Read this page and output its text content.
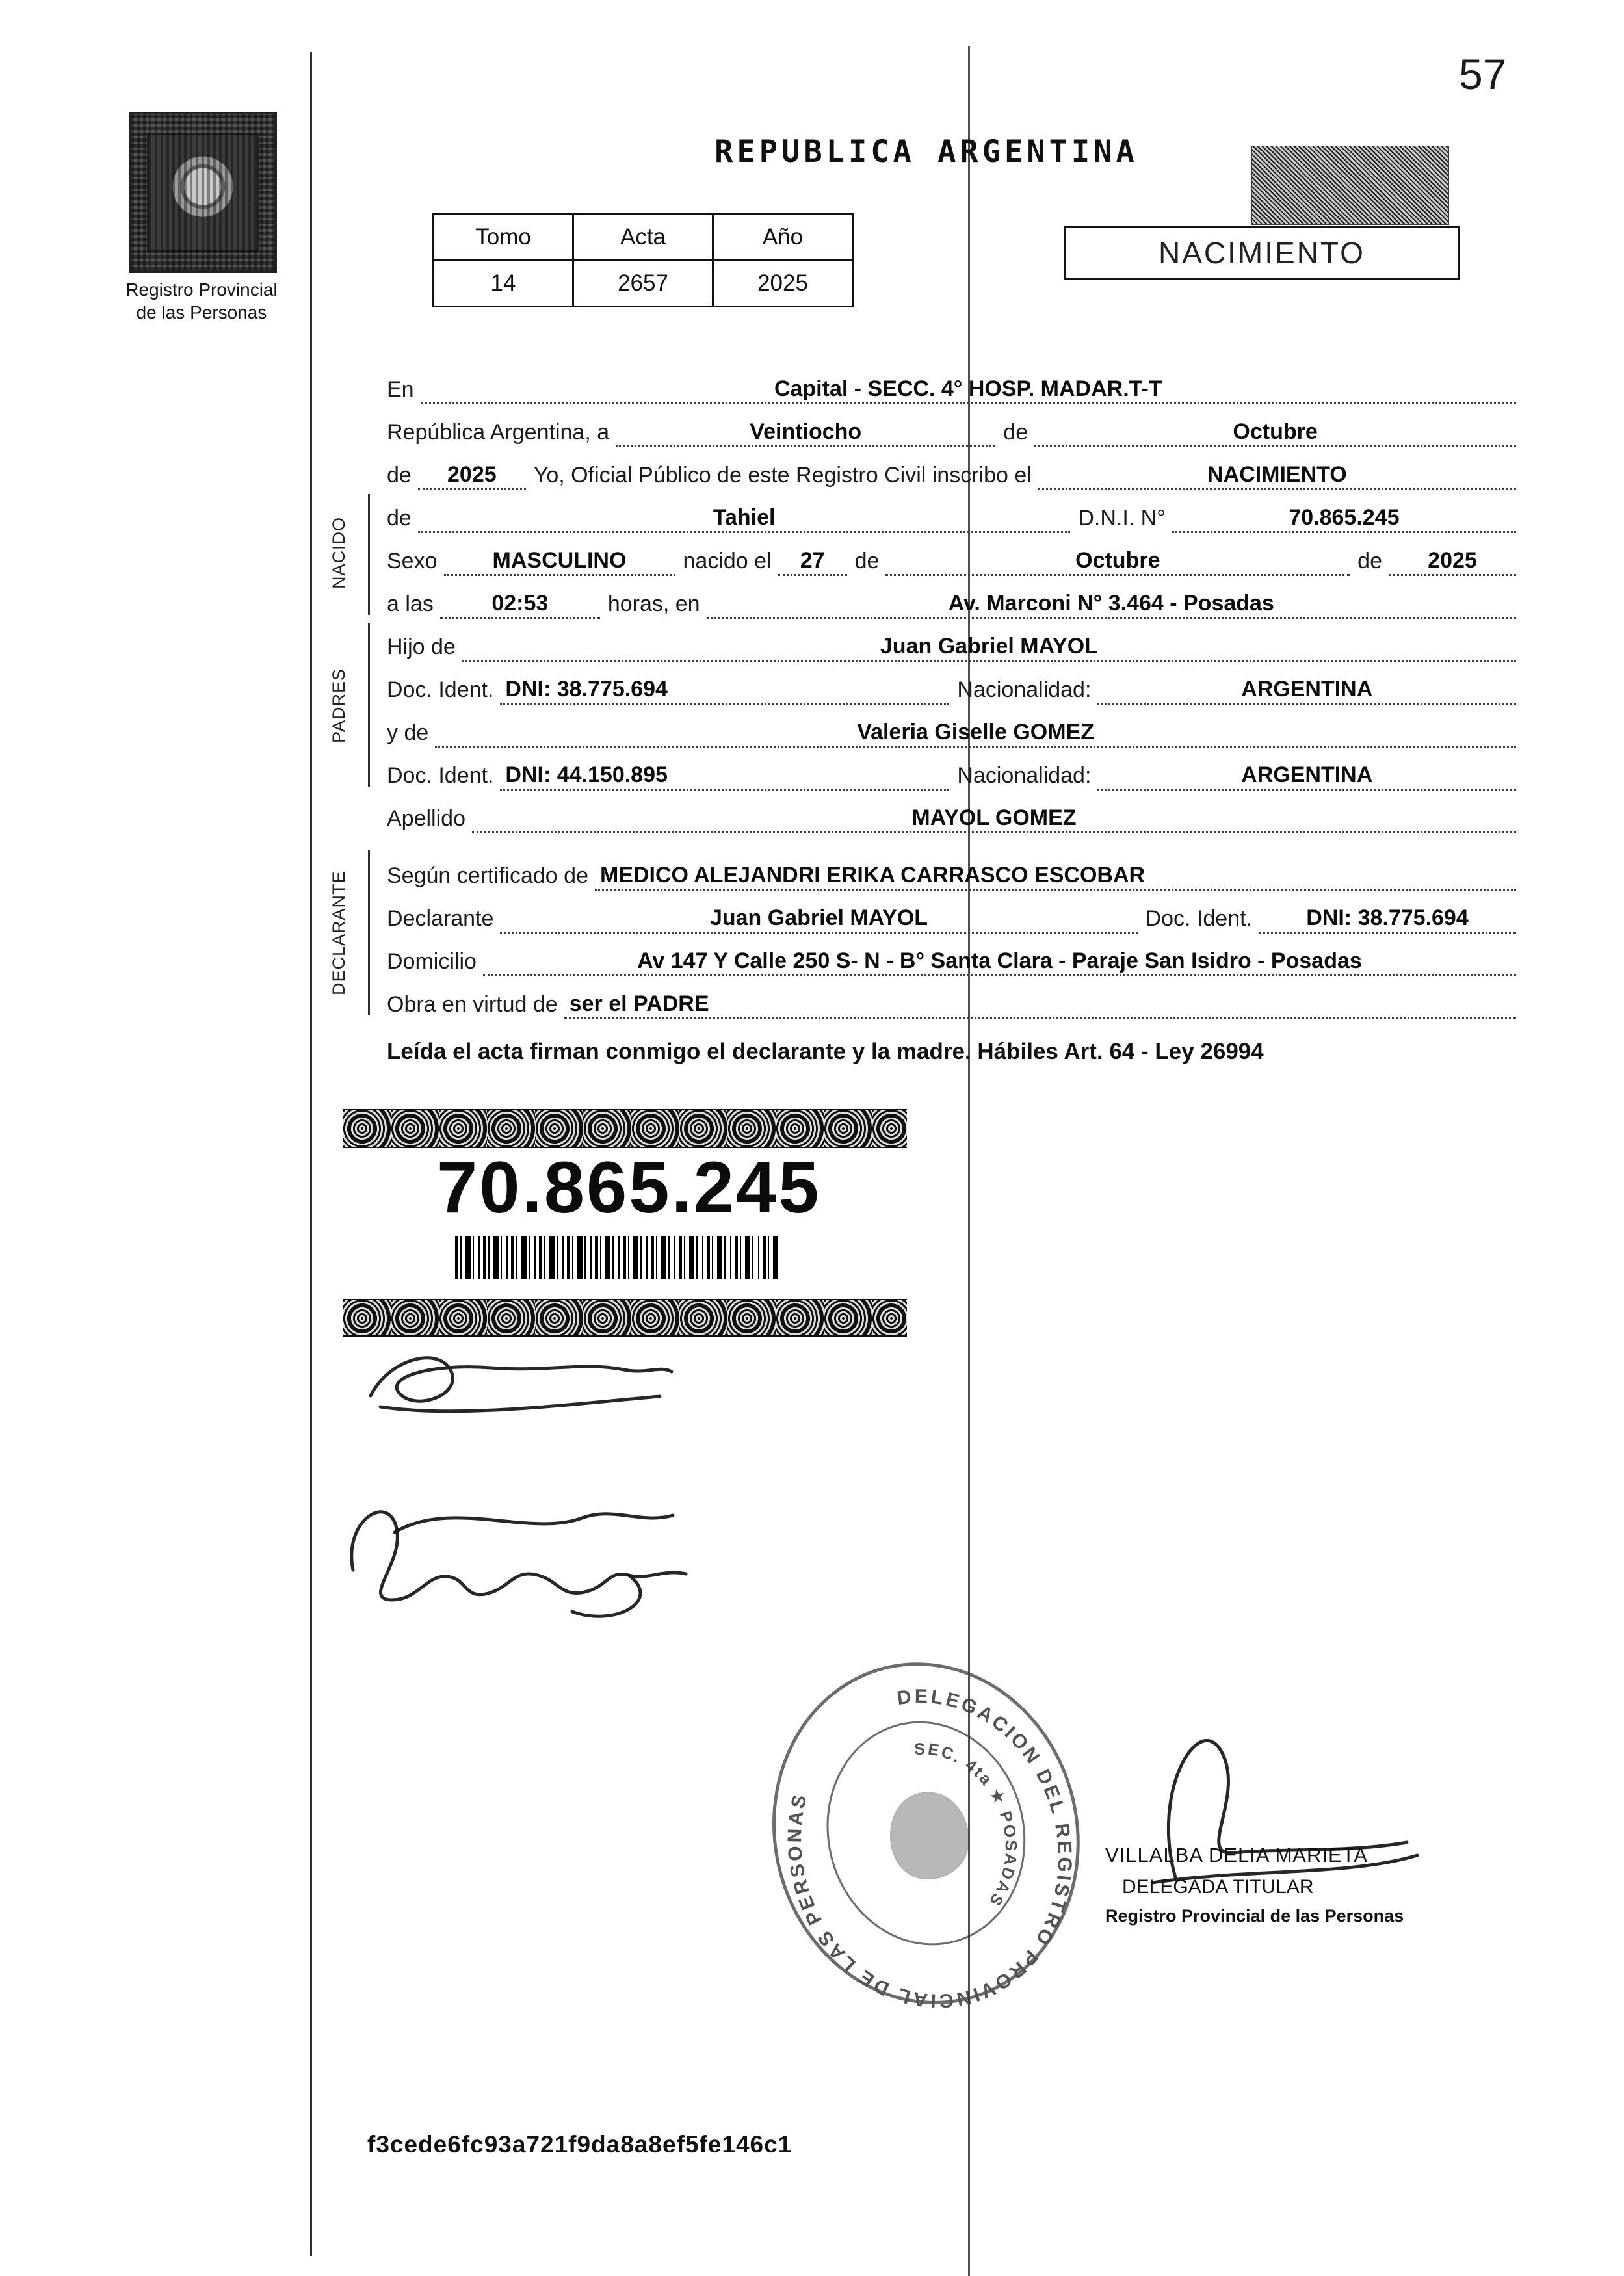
57
REPUBLICA ARGENTINA
Registro Provincial
de las Personas
Tomo	Acta	Año
14	2657	2025
NACIMIENTO
NACIDO
PADRES
DECLARANTE
En	Capital - SECC. 4° HOSP. MADAR.T-T
República Argentina, a	Veintiocho	de	Octubre
de	2025	Yo, Oficial Público de este Registro Civil inscribo el	NACIMIENTO
de	Tahiel	D.N.I. N°	70.865.245
Sexo	MASCULINO	nacido el	27	de	Octubre	de	2025
a las	02:53	horas, en	Av. Marconi N° 3.464 - Posadas
Hijo de	Juan Gabriel MAYOL
Doc. Ident. DNI: 38.775.694	Nacionalidad:	ARGENTINA
y de	Valeria Giselle GOMEZ
Doc. Ident. DNI: 44.150.895	Nacionalidad:	ARGENTINA
Apellido	MAYOL GOMEZ
Según certificado de MEDICO ALEJANDRI ERIKA CARRASCO ESCOBAR
Declarante	Juan Gabriel MAYOL	Doc. Ident.	DNI: 38.775.694
Domicilio	Av 147 Y Calle 250 S- N - B° Santa Clara - Paraje San Isidro - Posadas
Obra en virtud de ser el PADRE
Leída el acta firman conmigo el declarante y la madre. Hábiles Art. 64 - Ley 26994
70.865.245
DELEGACION DEL REGISTRO PROVINCIAL DE LAS PERSONAS
SEC. 4ta ★ POSADAS
VILLALBA DELIA MARIETA
DELEGADA TITULAR
Registro Provincial de las Personas
f3cede6fc93a721f9da8a8ef5fe146c1
